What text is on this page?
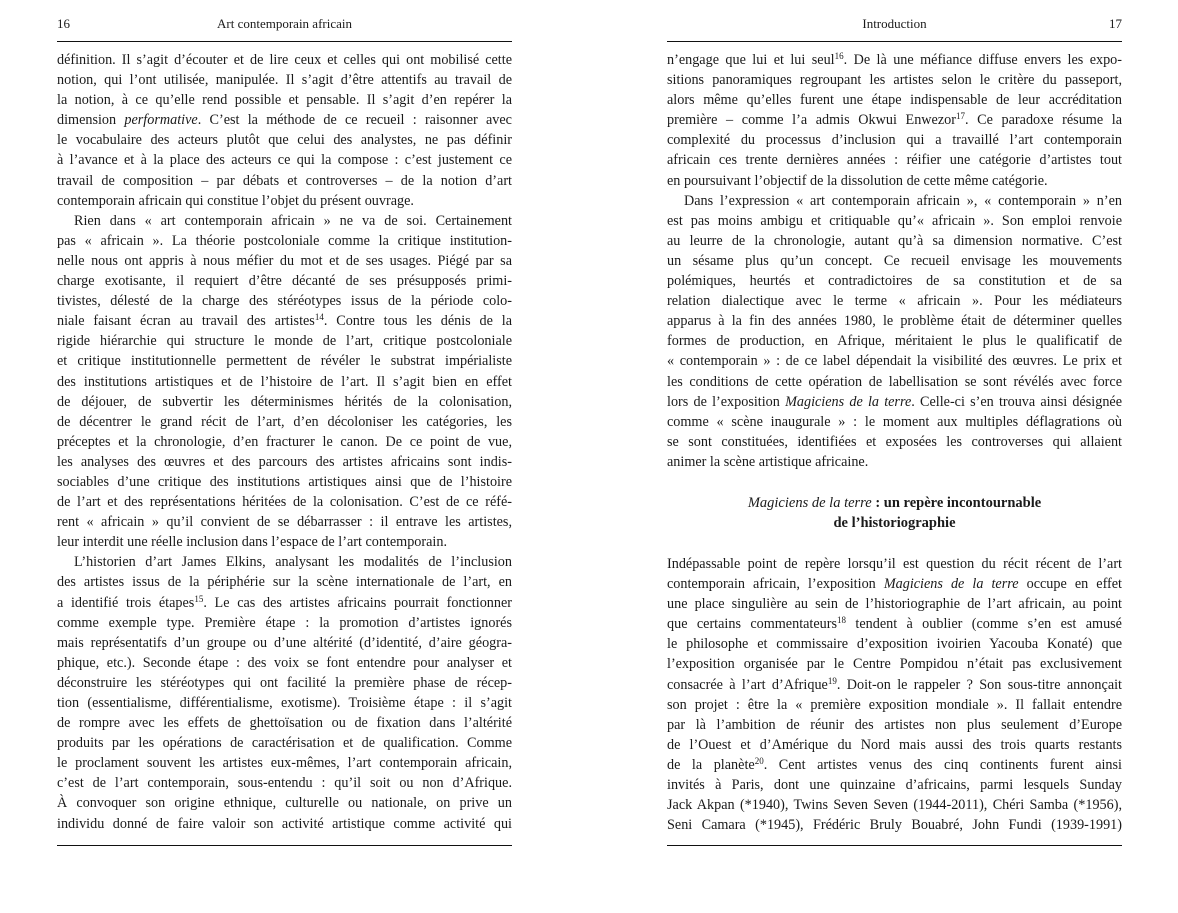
Art contemporain africain
16
définition. Il s’agit d’écouter et de lire ceux et celles qui ont mobilisé cette
notion, qui l’ont utilisée, manipulée. Il s’agit d’être attentifs au travail de
la notion, à ce qu’elle rend possible et pensable. Il s’agit d’en repérer la
dimension performative. C’est la méthode de ce recueil : raisonner avec
le vocabulaire des acteurs plutôt que celui des analystes, ne pas définir
à l’avance et à la place des acteurs ce qui la compose : c’est justement ce
travail de composition – par débats et controverses – de la notion d’art
contemporain africain qui constitue l’objet du présent ouvrage.
Rien dans « art contemporain africain » ne va de soi. Certainement
pas « africain ». La théorie postcoloniale comme la critique institution-
nelle nous ont appris à nous méfier du mot et de ses usages. Piégé par sa
charge exotisante, il requiert d’être décanté de ses présupposés primi-
tivistes, délesté de la charge des stéréotypes issus de la période colo-
niale faisant écran au travail des artistes$^{14}$. Contre tous les dénis de la
rigide hiérarchie qui structure le monde de l’art, critique postcoloniale
et critique institutionnelle permettent de révéler le substrat impérialiste
des institutions artistiques et de l’histoire de l’art. Il s’agit bien en effet
de déjouer, de subvertir les déterminismes hérités de la colonisation,
de décentrer le grand récit de l’art, d’en décoloniser les catégories, les
préceptes et la chronologie, d’en fracturer le canon. De ce point de vue,
les analyses des œuvres et des parcours des artistes africains sont indis-
sociables d’une critique des institutions artistiques ainsi que de l’histoire
de l’art et des représentations héritées de la colonisation. C’est de ce réfé-
rent « africain » qu’il convient de se débarrasser : il entrave les artistes,
leur interdit une réelle inclusion dans l’espace de l’art contemporain.
L’historien d’art James Elkins, analysant les modalités de l’inclusion
des artistes issus de la périphérie sur la scène internationale de l’art, en
a identifié trois étapes$^{15}$. Le cas des artistes africains pourrait fonctionner
comme exemple type. Première étape : la promotion d’artistes ignorés
mais représentatifs d’un groupe ou d’une altérité (d’identité, d’aire géogra-
phique, etc.). Seconde étape : des voix se font entendre pour analyser et
déconstruire les stéréotypes qui ont facilité la première phase de récep-
tion (essentialisme, différentialisme, exotisme). Troisième étape : il s’agit
de rompre avec les effets de ghettoïsation ou de fixation dans l’altérité
produits par les opérations de caractérisation et de qualification. Comme
le proclament souvent les artistes eux-mêmes, l’art contemporain africain,
c’est de l’art contemporain, sous-entendu : qu’il soit ou non d’Afrique.
À convoquer son origine ethnique, culturelle ou nationale, on prive un
individu donné de faire valoir son activité artistique comme activité qui
Introduction	17
n’engage que lui et lui seul$^{16}$. De là une méfiance diffuse envers les expo-
sitions panoramiques regroupant les artistes selon le critère du passeport,
alors même qu’elles furent une étape indispensable de leur accréditation
première – comme l’a admis Okwui Enwezor$^{17}$. Ce paradoxe résume la
complexité du processus d’inclusion qui a travaillé l’art contemporain
africain ces trente dernières années : réifier une catégorie d’artistes tout
en poursuivant l’objectif de la dissolution de cette même catégorie.
Dans l’expression « art contemporain africain », « contemporain » n’en
est pas moins ambigu et critiquable qu’« africain ». Son emploi renvoie
au leurre de la chronologie, autant qu’à sa dimension normative. C’est
un sésame plus qu’un concept. Ce recueil envisage les mouvements
polémiques, heurtés et contradictoires de sa constitution et de sa
relation dialectique avec le terme « africain ». Pour les médiateurs
apparus à la fin des années 1980, le problème était de déterminer quelles
formes de production, en Afrique, méritaient le plus le qualificatif de
« contemporain » : de ce label dépendait la visibilité des œuvres. Le prix et
les conditions de cette opération de labellisation se sont révélés avec force
lors de l’exposition Magiciens de la terre. Celle-ci s’en trouva ainsi désignée
comme « scène inaugurale » : le moment aux multiples déflagrations où
se sont constituées, identifiées et exposées les controverses qui allaient
animer la scène artistique africaine.
Magiciens de la terre : un repère incontournable
de l’historiographie
Indépassable point de repère lorsqu’il est question du récit récent de l’art
contemporain africain, l’exposition Magiciens de la terre occupe en effet
une place singulière au sein de l’historiographie de l’art africain, au point
que certains commentateurs$^{18}$ tendent à oublier (comme s’en est amusé
le philosophe et commissaire d’exposition ivoirien Yacouba Konaté) que
l’exposition organisée par le Centre Pompidou n’était pas exclusivement
consacrée à l’art d’Afrique$^{19}$. Doit-on le rappeler ? Son sous-titre annonçait
son projet : être la « première exposition mondiale ». Il fallait entendre
par là l’ambition de réunir des artistes non plus seulement d’Europe
de l’Ouest et d’Amérique du Nord mais aussi des trois quarts restants
de la planète$^{20}$. Cent artistes venus des cinq continents furent ainsi
invités à Paris, dont une quinzaine d’africains, parmi lesquels Sunday
Jack Akpan (*1940), Twins Seven Seven (1944-2011), Chéri Samba (*1956),
Seni Camara (*1945), Frédéric Bruly Bouabré, John Fundi (1939-1991)
